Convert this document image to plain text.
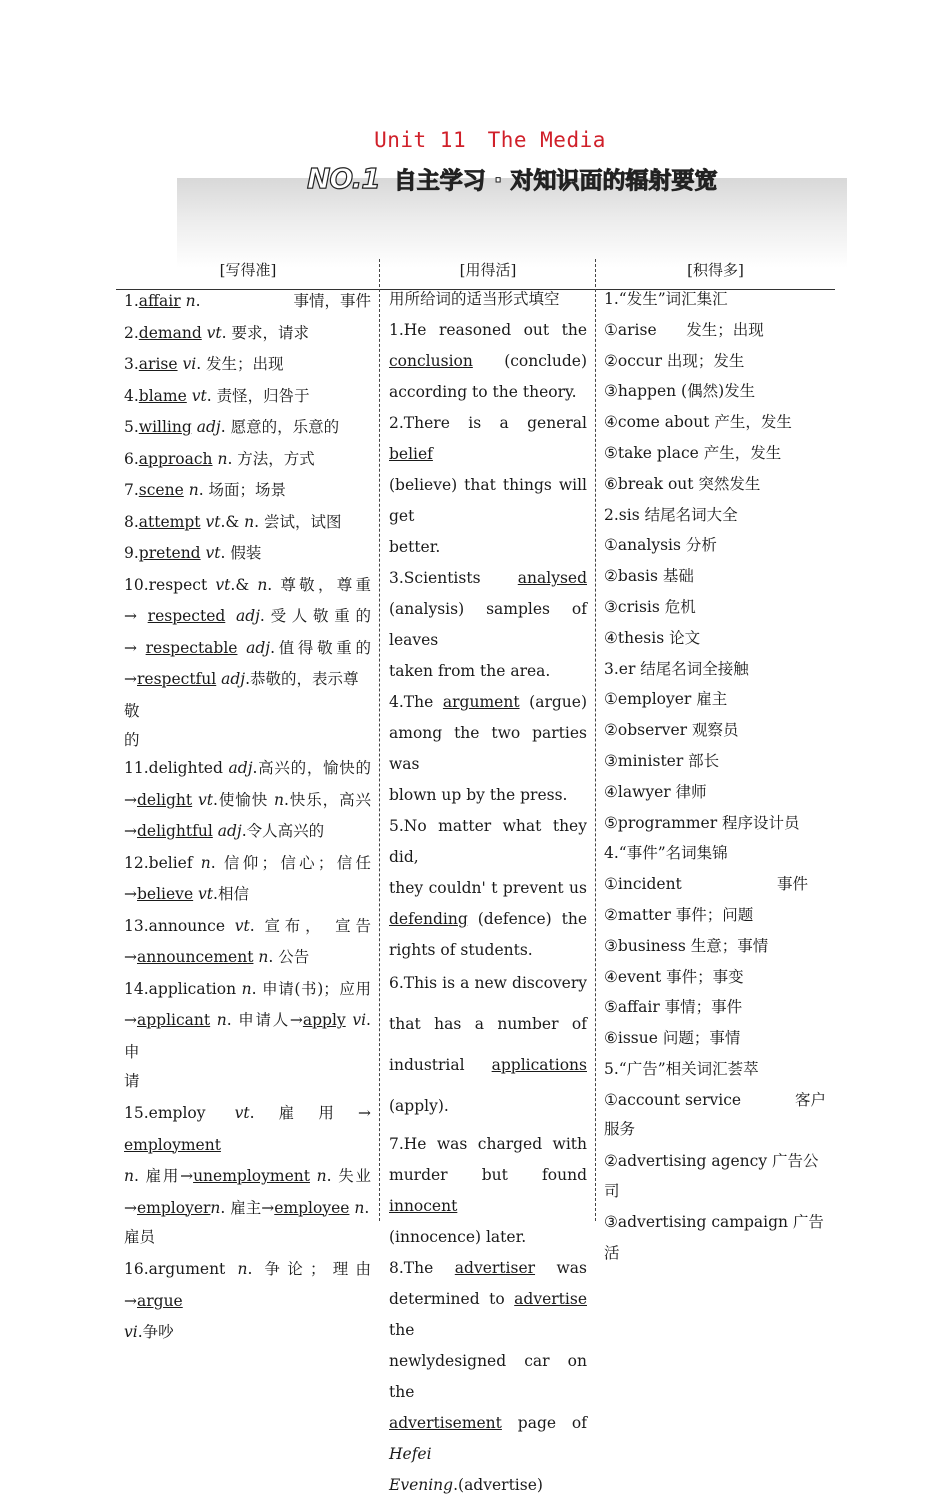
Unit 11　The Media
NO.1 自主学习 · 对知识面的辐射要宽
[写得准]	[用得活]	[积得多]
1.affair n.	事情，事件
2.demand vt. 要求，请求
3.arise vi. 发生；出现
4.blame vt. 责怪，归咎于
5.willing adj. 愿意的，乐意的
6.approach n. 方法，方式
7.scene n. 场面；场景
8.attempt vt.& n. 尝试，试图
9.pretend vt. 假装
10.respect vt.& n. 尊敬，尊重
→ respected adj.受人敬重的
→ respectable adj.值得敬重的
→respectful adj.恭敬的，表示尊敬
的
11.delighted adj.高兴的，愉快的
→delight vt.使愉快 n.快乐，高兴
→delightful adj.令人高兴的
12.belief n. 信仰；信心；信任
→believe vt.相信
13.announce vt. 宣布， 宣告
→announcement n. 公告
14.application n. 申请(书)；应用
→applicant n. 申请人→apply vi.申
请
15.employ vt.雇用→ employment
n. 雇用→unemployment n. 失业
→employern. 雇主→employee n.
雇员
16.argument n. 争论；理由→argue
vi.争吵
用所给词的适当形式填空
1.He reasoned out the
conclusion (conclude)
according to the theory.
2.There is a general belief
(believe) that things will get
better.
3.Scientists analysed
(analysis) samples of leaves
taken from the area.
4.The argument (argue)
among the two parties was
blown up by the press.
5.No matter what they did,
they couldn' t prevent us
defending (defence) the
rights of students.
6.This is a new discovery
that has a number of
industrial applications
(apply).
7.He was charged with
murder but found innocent
(innocence) later.
8.The advertiser was
determined to advertise the
newlydesigned car on the
advertisement page of Hefei
Evening.(advertise)
1.“发生”词汇集汇
①arise      发生；出现
②occur 出现；发生
③happen (偶然)发生
④come about 产生，发生
⑤take place 产生，发生
⑥break out 突然发生
2.sis 结尾名词大全
①analysis 分析
②basis 基础
③crisis 危机
④thesis 论文
3.er 结尾名词全接触
①employer 雇主
②observer 观察员
③minister 部长
④lawyer 律师
⑤programmer 程序设计员
4.“事件”名词集锦
①incident	事件
②matter 事件；问题
③business 生意；事情
④event 事件；事变
⑤affair 事情；事件
⑥issue 问题；事情
5.“广告”相关词汇荟萃
①account service	客户
服务
②advertising agency 广告公司
③advertising campaign 广告活
